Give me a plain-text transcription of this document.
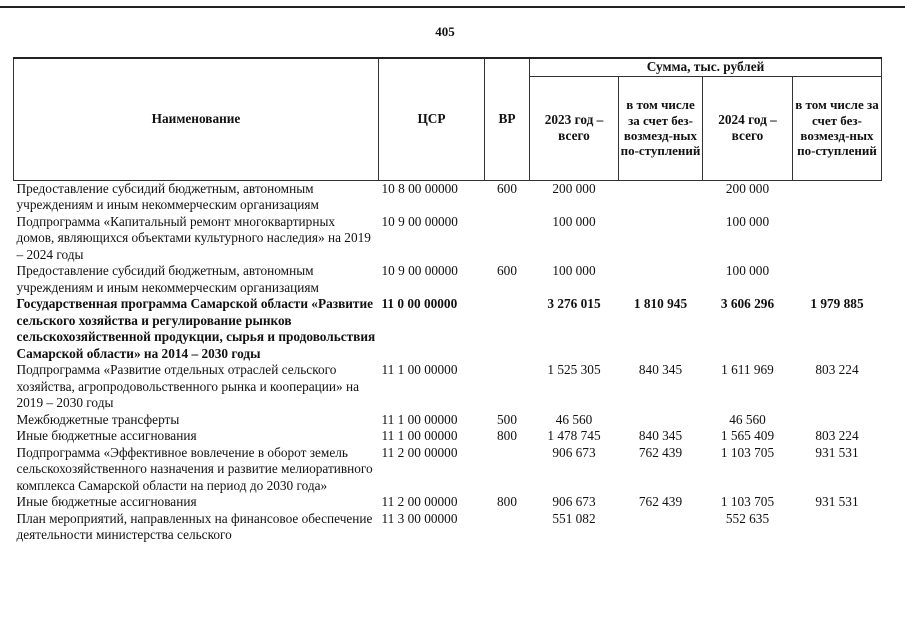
405
Наименование	ЦСР	ВР	Сумма, тыс. рублей			
			2023 год – всего	в том числе за счет без-возмезд-ных по-ступлений	2024 год – всего	в том числе за счет без-возмезд-ных по-ступлений
Предоставление субсидий бюджетным, автономным учреждениям и иным некоммерческим организациям	10 8 00 00000	600	200 000		200 000	
Подпрограмма «Капитальный ремонт многоквартирных домов, являющихся объектами культурного наследия» на 2019 – 2024 годы	10 9 00 00000		100 000		100 000	
Предоставление субсидий бюджетным, автономным учреждениям и иным некоммерческим организациям	10 9 00 00000	600	100 000		100 000	
Государственная программа Самарской области «Развитие сельского хозяйства и регулирование рынков сельскохозяйственной продукции, сырья и продовольствия Самарской области» на 2014 – 2030 годы	11 0 00 00000		3 276 015	1 810 945	3 606 296	1 979 885
Подпрограмма «Развитие отдельных отраслей сельского хозяйства, агропродовольственного рынка и кооперации» на 2019 – 2030 годы	11 1 00 00000		1 525 305	840 345	1 611 969	803 224
Межбюджетные трансферты	11 1 00 00000	500	46 560		46 560	
Иные бюджетные ассигнования	11 1 00 00000	800	1 478 745	840 345	1 565 409	803 224
Подпрограмма «Эффективное вовлечение в оборот земель сельскохозяйственного назначения и развитие мелиоративного комплекса Самарской области на период до 2030 года»	11 2 00 00000		906 673	762 439	1 103 705	931 531
Иные бюджетные ассигнования	11 2 00 00000	800	906 673	762 439	1 103 705	931 531
План мероприятий, направленных на финансовое обеспечение деятельности министерства сельского	11 3 00 00000		551 082		552 635	
